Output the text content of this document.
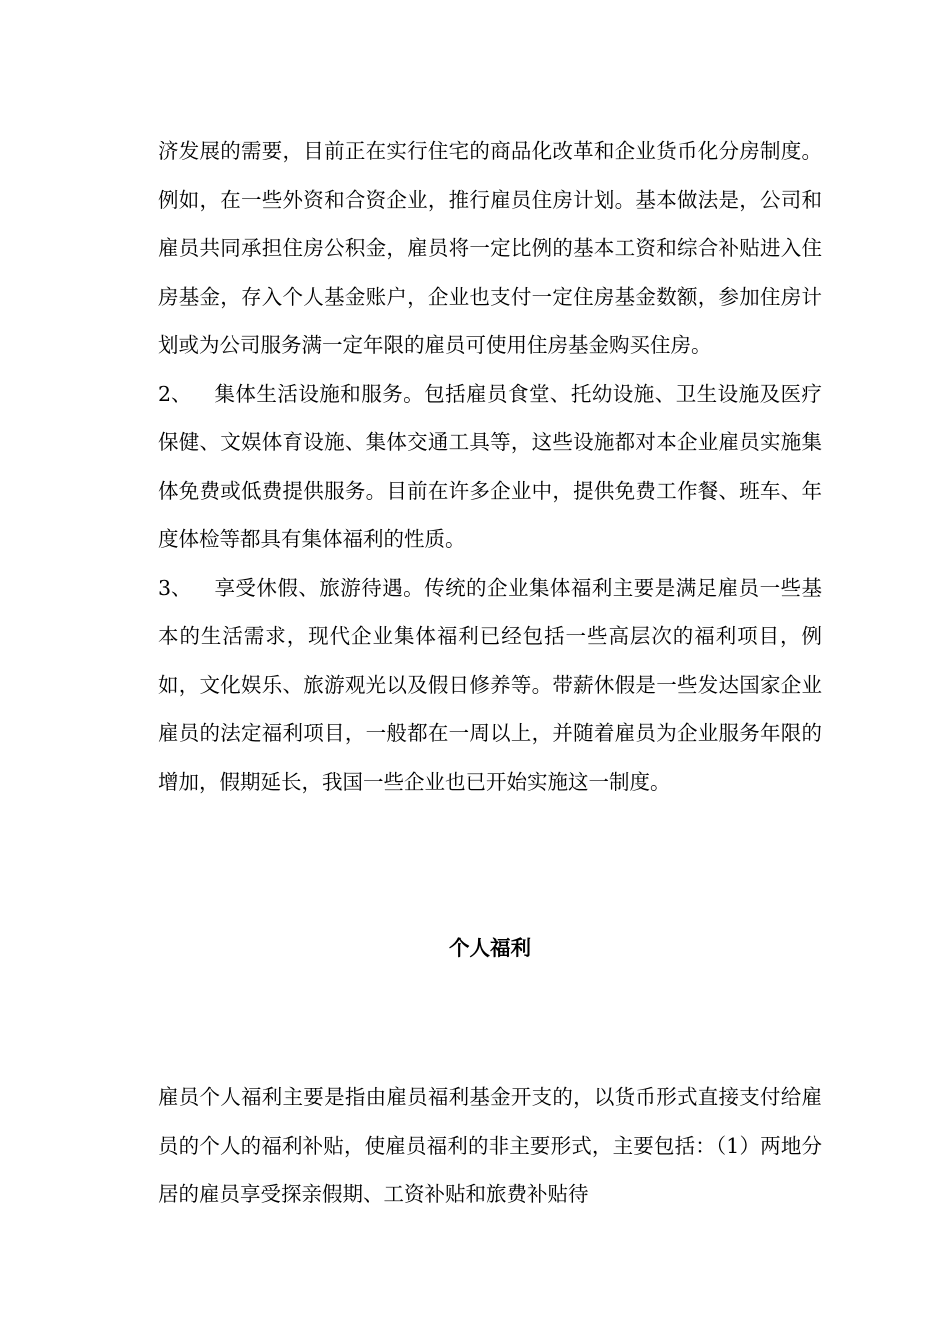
济发展的需要，目前正在实行住宅的商品化改革和企业货币化分房制度。例如，在一些外资和合资企业，推行雇员住房计划。基本做法是，公司和雇员共同承担住房公积金，雇员将一定比例的基本工资和综合补贴进入住房基金，存入个人基金账户，企业也支付一定住房基金数额，参加住房计划或为公司服务满一定年限的雇员可使用住房基金购买住房。

2、 集体生活设施和服务。包括雇员食堂、托幼设施、卫生设施及医疗保健、文娱体育设施、集体交通工具等，这些设施都对本企业雇员实施集体免费或低费提供服务。目前在许多企业中，提供免费工作餐、班车、年度体检等都具有集体福利的性质。

3、 享受休假、旅游待遇。传统的企业集体福利主要是满足雇员一些基本的生活需求，现代企业集体福利已经包括一些高层次的福利项目，例如，文化娱乐、旅游观光以及假日修养等。带薪休假是一些发达国家企业雇员的法定福利项目，一般都在一周以上，并随着雇员为企业服务年限的增加，假期延长，我国一些企业也已开始实施这一制度。

个人福利

雇员个人福利主要是指由雇员福利基金开支的，以货币形式直接支付给雇员的个人的福利补贴，使雇员福利的非主要形式，主要包括：（1）两地分居的雇员享受探亲假期、工资补贴和旅费补贴待
